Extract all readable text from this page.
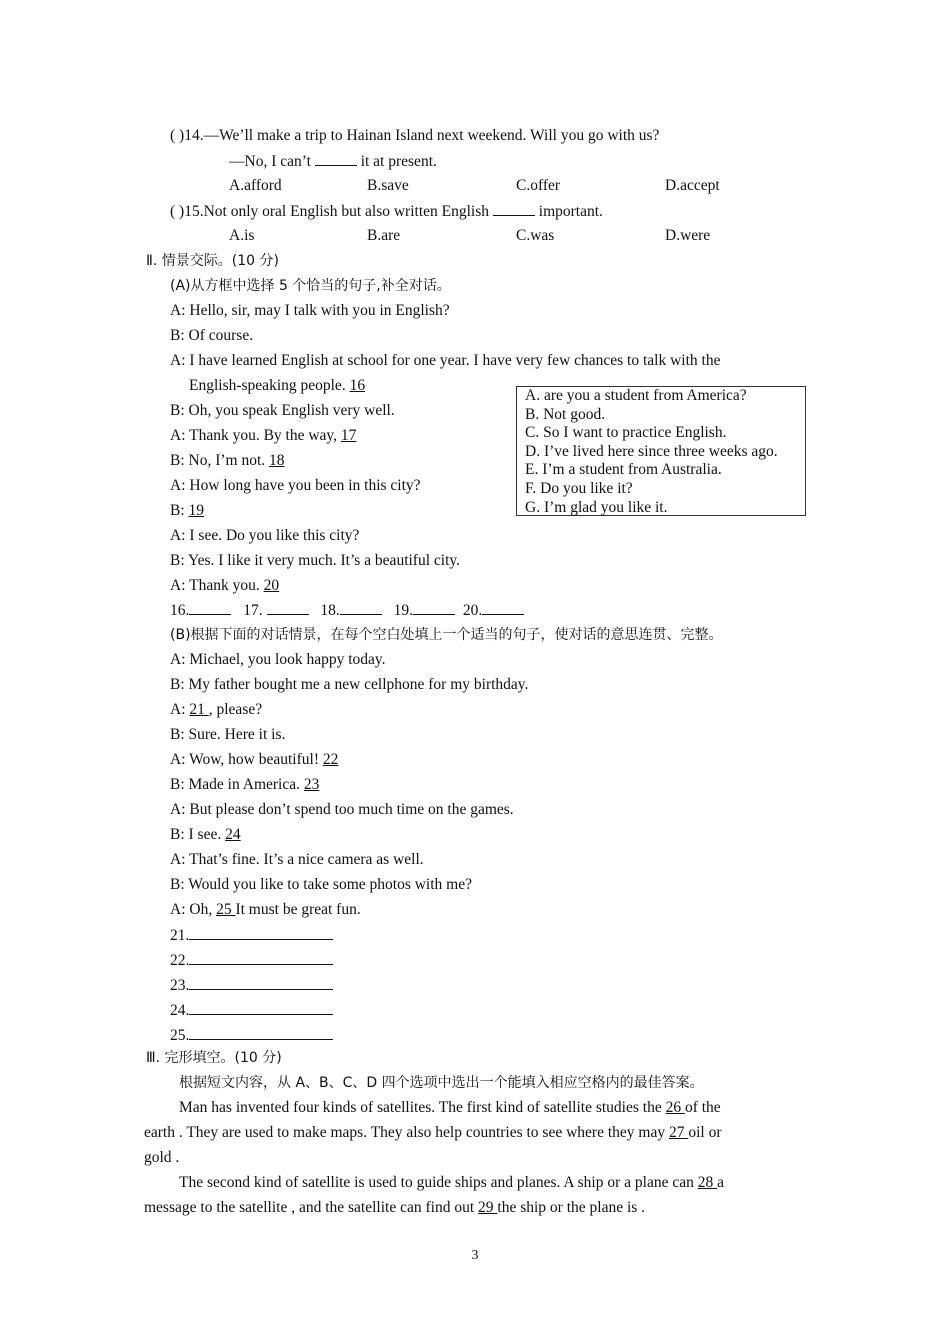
( )14.—We’ll make a trip to Hainan Island next weekend. Will you go with us?
—No, I can’t	it at present.
A.afford	B.save	C.offer	D.accept
( )15.Not only oral English but also written English	important.
A.is	B.are	C.was	D.were
Ⅱ. 情景交际。(10 分)
(A)从方框中选择 5 个恰当的句子,补全对话。
A: Hello, sir, may I talk with you in English?
B: Of course.
A: I have learned English at school for one year. I have very few chances to talk with the
English-speaking people. 16
B: Oh, you speak English very well.
A: Thank you. By the way, 17
B: No, I’m not. 18
A: How long have you been in this city?
B: 19
A: I see. Do you like this city?
B: Yes. I like it very much. It’s a beautiful city.
A: Thank you. 20
A. are you a student from America?
B. Not good.
C. So I want to practice English.
D. I’ve lived here since three weeks ago.
E. I’m a student from Australia.
F. Do you like it?
G. I’m glad you like it.
16.	17.	18.	19.	20.
(B)根据下面的对话情景，在每个空白处填上一个适当的句子，使对话的意思连贯、完整。
A: Michael, you look happy today.
B: My father bought me a new cellphone for my birthday.
A: 21 , please?
B: Sure. Here it is.
A: Wow, how beautiful! 22
B: Made in America. 23
A: But please don’t spend too much time on the games.
B: I see. 24
A: That’s fine. It’s a nice camera as well.
B: Would you like to take some photos with me?
A: Oh, 25 It must be great fun.
21.
22.
23.
24.
25.
Ⅲ. 完形填空。(10 分)
根据短文内容，从 A、B、C、D 四个选项中选出一个能填入相应空格内的最佳答案。
Man has invented four kinds of satellites. The first kind of satellite studies the 26 of the
earth . They are used to make maps. They also help countries to see where they may 27 oil or
gold .
The second kind of satellite is used to guide ships and planes. A ship or a plane can 28 a
message to the satellite , and the satellite can find out 29 the ship or the plane is .
3
